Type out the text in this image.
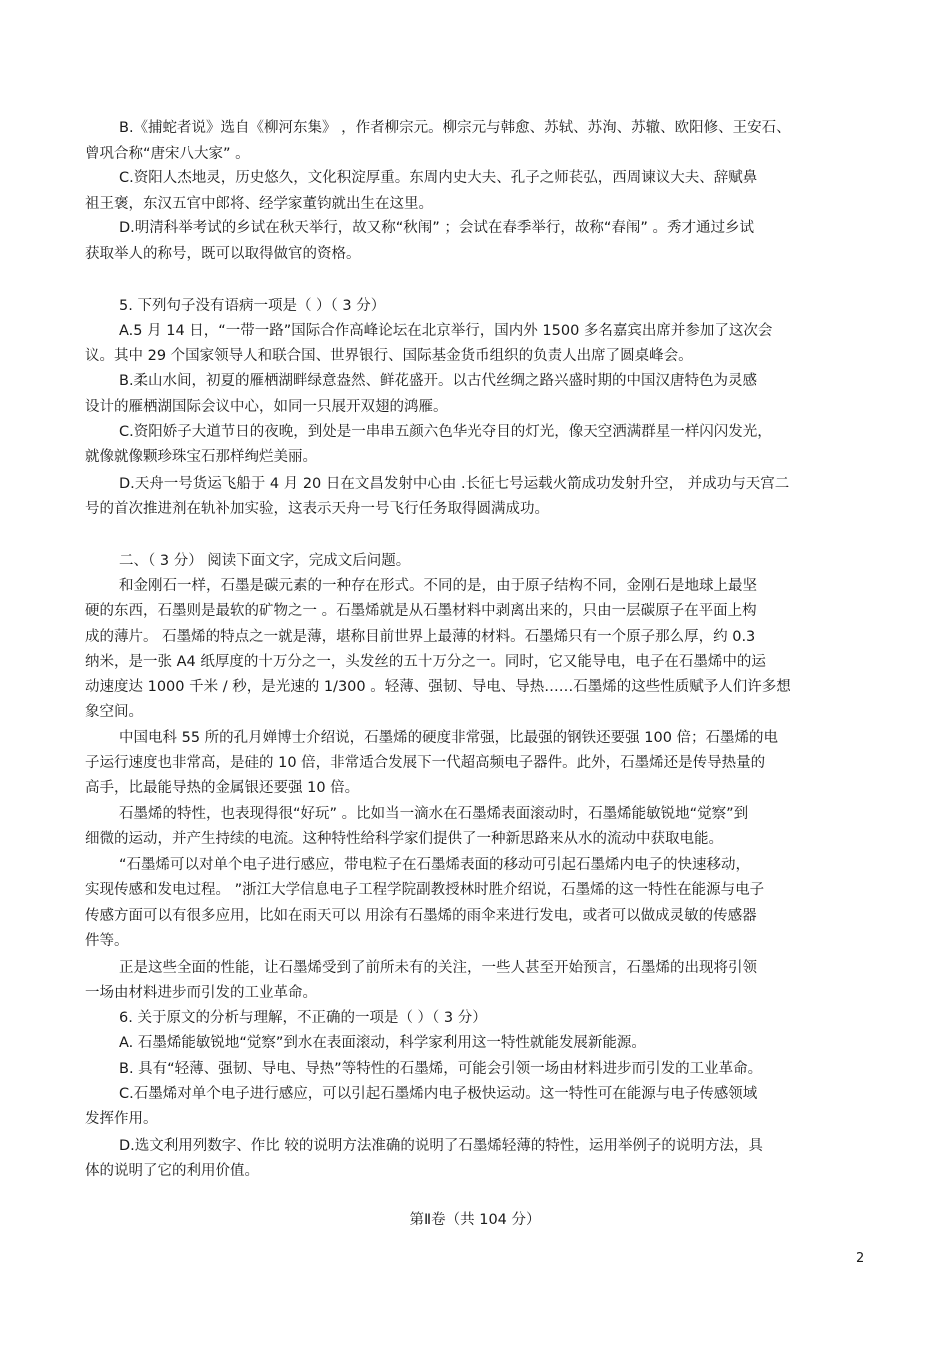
B.《捕蛇者说》选自《柳河东集》 ，作者柳宗元。柳宗元与韩愈、苏轼、苏洵、苏辙、欧阳修、王安石、
曾巩合称“唐宋八大家” 。
C.资阳人杰地灵，历史悠久，文化积淀厚重。东周内史大夫、孔子之师苌弘，西周谏议大夫、辞赋鼻
祖王褒，东汉五官中郎将、经学家董钧就出生在这里。
D.明清科举考试的乡试在秋天举行，故又称“秋闱” ；会试在春季举行，故称“春闱” 。秀才通过乡试
获取举人的称号，既可以取得做官的资格。
5. 下列句子没有语病一项是（ ）（ 3 分）
A.5 月 14 日，“一带一路”国际合作高峰论坛在北京举行，国内外 1500 多名嘉宾出席并参加了这次会
议。其中 29 个国家领导人和联合国、世界银行、国际基金货币组织的负责人出席了圆桌峰会。
B.柔山水间，初夏的雁栖湖畔绿意盎然、鲜花盛开。以古代丝绸之路兴盛时期的中国汉唐特色为灵感
设计的雁栖湖国际会议中心，如同一只展开双翅的鸿雁。
C.资阳娇子大道节日的夜晚，到处是一串串五颜六色华光夺目的灯光，像天空洒满群星一样闪闪发光，
就像就像颗珍珠宝石那样绚烂美丽。
D.天舟一号货运飞船于 4 月 20 日在文昌发射中心由 .长征七号运载火箭成功发射升空， 并成功与天宫二
号的首次推进剂在轨补加实验，这表示天舟一号飞行任务取得圆满成功。
二、（ 3 分） 阅读下面文字，完成文后问题。
和金刚石一样，石墨是碳元素的一种存在形式。不同的是，由于原子结构不同，金刚石是地球上最坚
硬的东西，石墨则是最软的矿物之一 。石墨烯就是从石墨材料中剥离出来的，只由一层碳原子在平面上构
成的薄片。 石墨烯的特点之一就是薄，堪称目前世界上最薄的材料。石墨烯只有一个原子那么厚，约 0.3
纳米，是一张 A4 纸厚度的十万分之一，头发丝的五十万分之一。同时，它又能导电，电子在石墨烯中的运
动速度达 1000 千米 / 秒，是光速的 1/300 。轻薄、强韧、导电、导热……石墨烯的这些性质赋予人们许多想
象空间。
中国电科 55 所的孔月婵博士介绍说，石墨烯的硬度非常强，比最强的钢铁还要强 100 倍；石墨烯的电
子运行速度也非常高，是硅的 10 倍，非常适合发展下一代超高频电子器件。此外，石墨烯还是传导热量的
高手，比最能导热的金属银还要强 10 倍。
石墨烯的特性，也表现得很“好玩” 。比如当一滴水在石墨烯表面滚动时，石墨烯能敏锐地“觉察”到
细微的运动，并产生持续的电流。这种特性给科学家们提供了一种新思路来从水的流动中获取电能。
“石墨烯可以对单个电子进行感应，带电粒子在石墨烯表面的移动可引起石墨烯内电子的快速移动，
实现传感和发电过程。 ”浙江大学信息电子工程学院副教授林时胜介绍说，石墨烯的这一特性在能源与电子
传感方面可以有很多应用，比如在雨天可以 用涂有石墨烯的雨伞来进行发电，或者可以做成灵敏的传感器
件等。
正是这些全面的性能，让石墨烯受到了前所未有的关注，一些人甚至开始预言，石墨烯的出现将引领
一场由材料进步而引发的工业革命。
6. 关于原文的分析与理解，不正确的一项是（ ）（ 3 分）
A. 石墨烯能敏锐地“觉察”到水在表面滚动，科学家利用这一特性就能发展新能源。
B. 具有“轻薄、强韧、导电、导热”等特性的石墨烯，可能会引领一场由材料进步而引发的工业革命。
C.石墨烯对单个电子进行感应，可以引起石墨烯内电子极快运动。这一特性可在能源与电子传感领域
发挥作用。
D.选文利用列数字、作比 较的说明方法准确的说明了石墨烯轻薄的特性，运用举例子的说明方法，具
体的说明了它的利用价值。
第Ⅱ卷（共 104 分）
2
